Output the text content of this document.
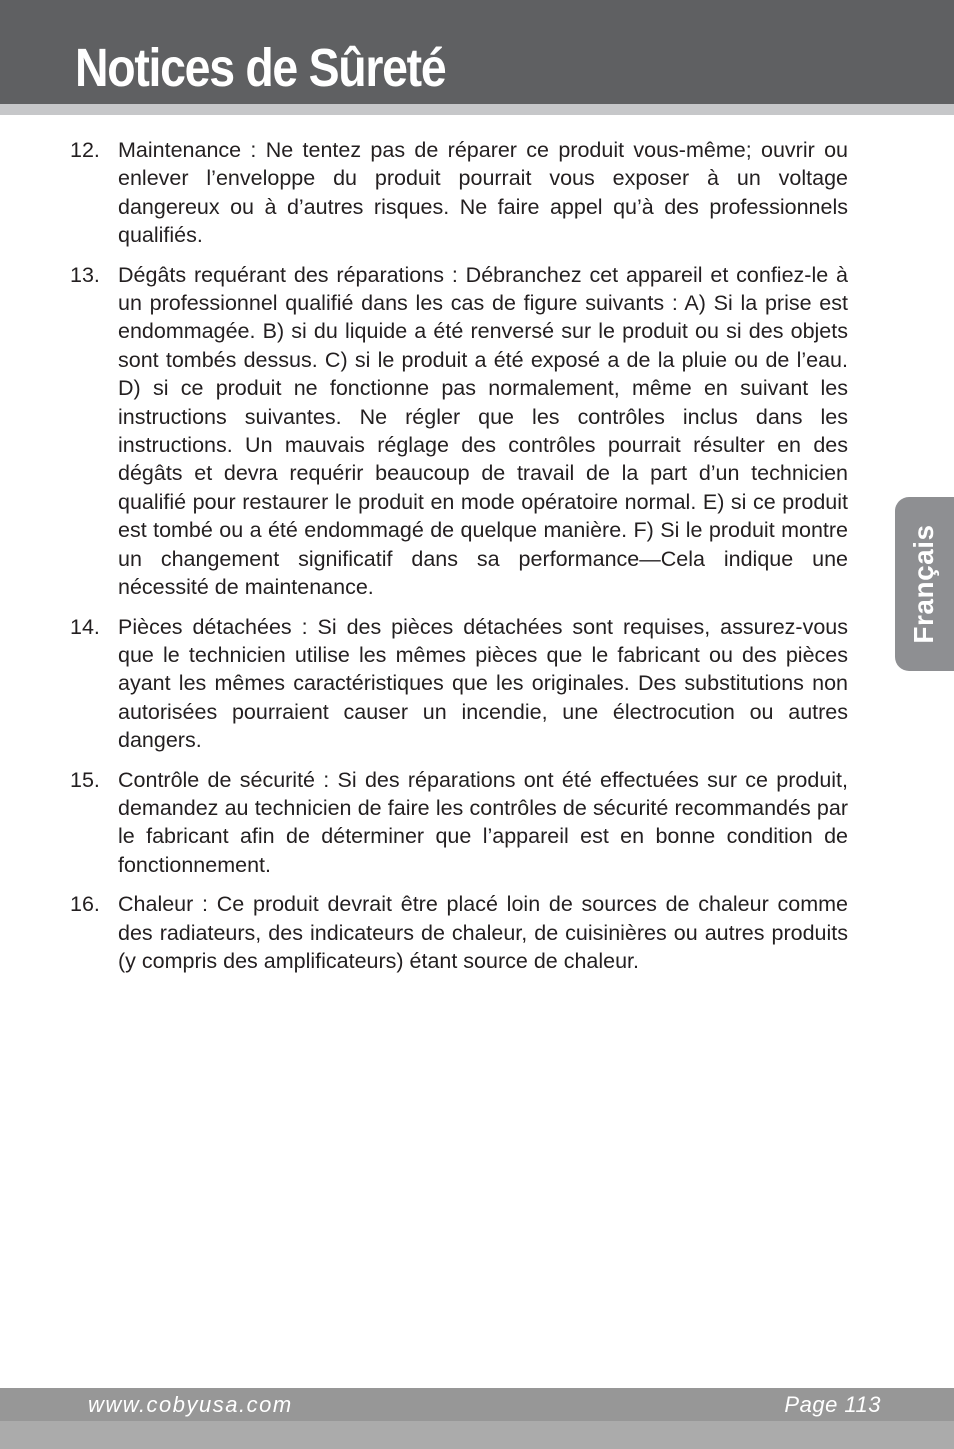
Notices de Sûreté
12. Maintenance : Ne tentez pas de réparer ce produit vous-même; ouvrir ou enlever l’enveloppe du produit pourrait vous exposer à un voltage dangereux ou à d’autres risques. Ne faire appel qu’à des professionnels qualifiés.

13. Dégâts requérant des réparations : Débranchez cet appareil et confiez-le à un professionnel qualifié dans les cas de figure suivants : A) Si la prise est endommagée. B) si du liquide a été renversé sur le produit ou si des objets sont tombés dessus. C) si le produit a été exposé a de la pluie ou de l’eau. D) si ce produit ne fonctionne pas normalement, même en suivant les instructions suivantes. Ne régler que les contrôles inclus dans les instructions. Un mauvais réglage des contrôles pourrait résulter en des dégâts et devra requérir beaucoup de travail de la part d’un technicien qualifié pour restaurer le produit en mode opératoire normal. E) si ce produit est tombé ou a été endommagé de quelque manière. F) Si le produit montre un changement significatif dans sa performance—Cela indique une nécessité de maintenance.

14. Pièces détachées : Si des pièces détachées sont requises, assurez-vous que le technicien utilise les mêmes pièces que le fabricant ou des pièces ayant les mêmes caractéristiques que les originales. Des substitutions non autorisées pourraient causer un incendie, une électrocution ou autres dangers.

15. Contrôle de sécurité : Si des réparations ont été effectuées sur ce produit, demandez au technicien de faire les contrôles de sécurité recommandés par le fabricant afin de déterminer que l’appareil est en bonne condition de fonctionnement.

16. Chaleur : Ce produit devrait être placé loin de sources de chaleur comme des radiateurs, des indicateurs de chaleur, de cuisinières ou autres produits (y compris des amplificateurs) étant source de chaleur.

Français
www.cobyusa.com	Page 113
